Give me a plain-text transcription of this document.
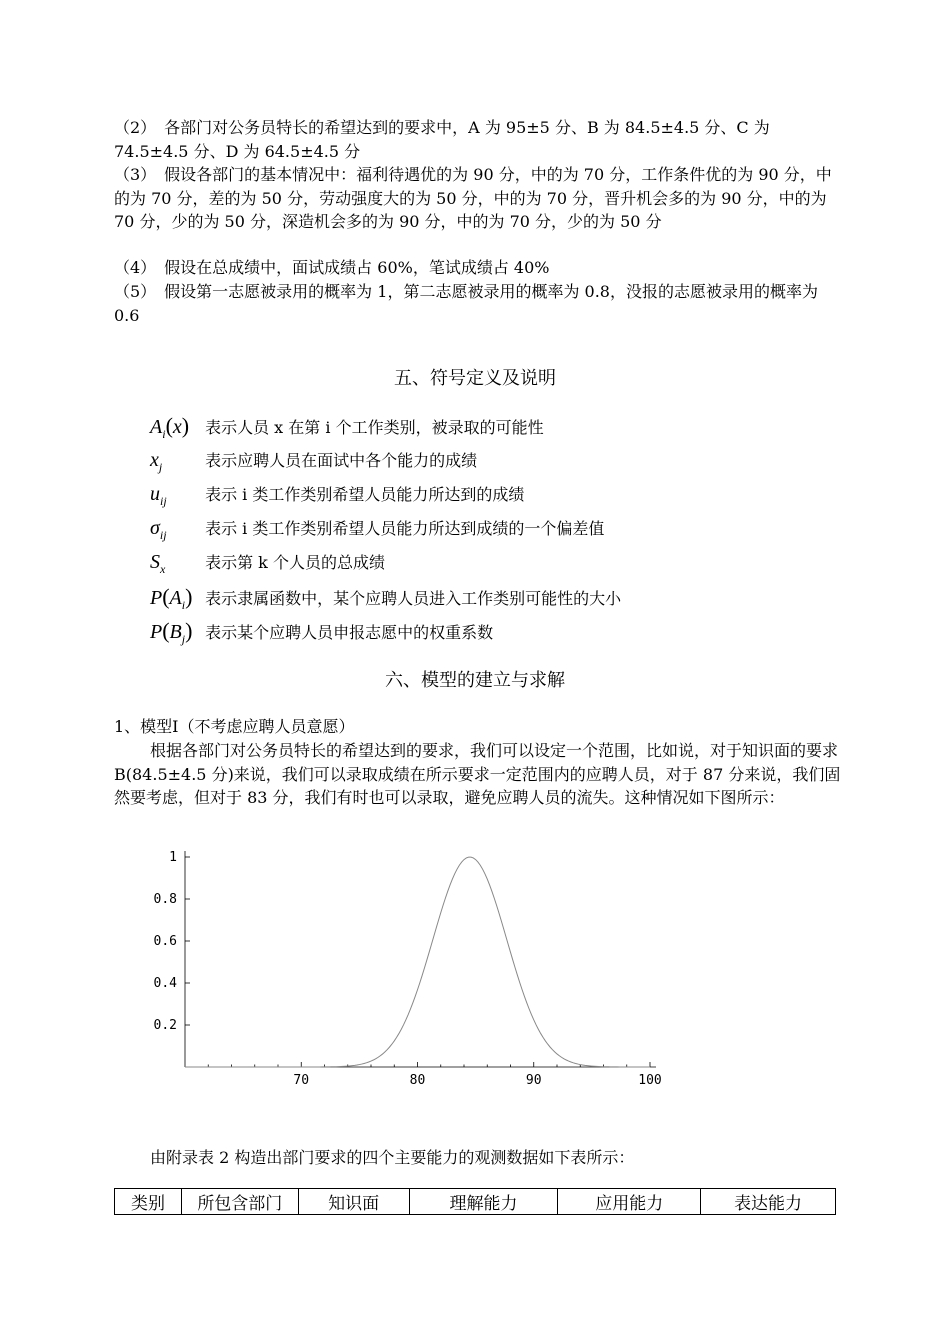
（2）　各部门对公务员特长的希望达到的要求中，A 为 95±5 分、B 为 84.5±4.5 分、C 为 74.5±4.5 分、D 为 64.5±4.5 分
（3）　假设各部门的基本情况中：福利待遇优的为 90 分，中的为 70 分，工作条件优的为 90 分，中的为 70 分，差的为 50 分，劳动强度大的为 50 分，中的为 70 分，晋升机会多的为 90 分，中的为 70 分，少的为 50 分，深造机会多的为 90 分，中的为 70 分，少的为 50 分
（4）　假设在总成绩中，面试成绩占 60%，笔试成绩占 40%
（5）　假设第一志愿被录用的概率为 1，第二志愿被录用的概率为 0.8，没报的志愿被录用的概率为 0.6
五、符号定义及说明
$A_i(x)$ 表示人员 x 在第 i 个工作类别，被录取的可能性
$x_j$	表示应聘人员在面试中各个能力的成绩
$u_{ij}$ 表示 i 类工作类别希望人员能力所达到的成绩
$\sigma_{ij}$ 表示 i 类工作类别希望人员能力所达到成绩的一个偏差值
$S_x$ 表示第 k 个人员的总成绩
$P(A_i)$ 表示隶属函数中，某个应聘人员进入工作类别可能性的大小
$P(B_j)$ 表示某个应聘人员申报志愿中的权重系数
六、模型的建立与求解
1、模型Ⅰ（不考虑应聘人员意愿）
根据各部门对公务员特长的希望达到的要求，我们可以设定一个范围，比如说，对于知识面的要求 B(84.5±4.5 分)来说，我们可以录取成绩在所示要求一定范围内的应聘人员，对于 87 分来说，我们固然要考虑，但对于 83 分，我们有时也可以录取，避免应聘人员的流失。这种情况如下图所示：
0.2
0.4
0.6
0.8
1
70	80	90	100
由附录表 2 构造出部门要求的四个主要能力的观测数据如下表所示：
类别	所包含部门	知识面	理解能力	应用能力	表达能力
